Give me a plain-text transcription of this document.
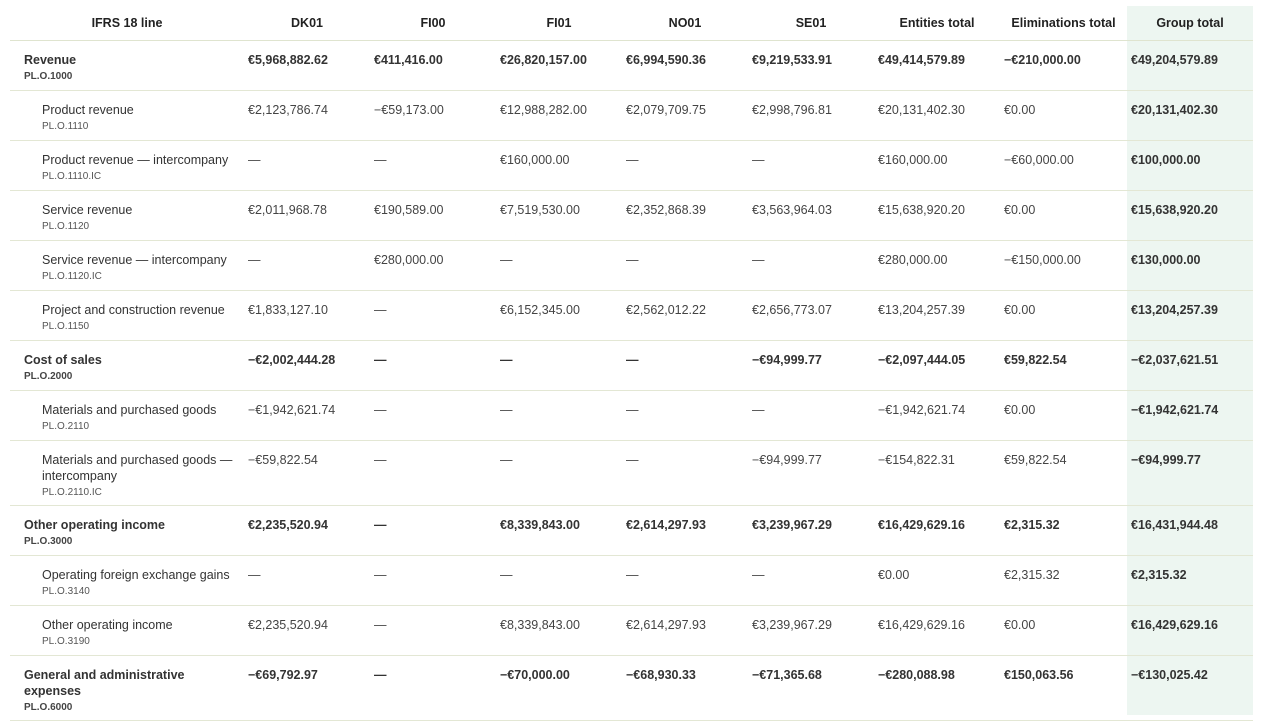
IFRS 18 line	DK01	FI00	FI01	NO01	SE01	Entities total	Eliminations total	Group total

Revenue
PL.O.1000	€5,968,882.62	€411,416.00	€26,820,157.00	€6,994,590.36	€9,219,533.91	€49,414,579.89	−€210,000.00	€49,204,579.89

Product revenue
PL.O.1110	€2,123,786.74	−€59,173.00	€12,988,282.00	€2,079,709.75	€2,998,796.81	€20,131,402.30	€0.00	€20,131,402.30

Product revenue — intercompany
PL.O.1110.IC	—	—	€160,000.00	—	—	€160,000.00	−€60,000.00	€100,000.00

Service revenue
PL.O.1120	€2,011,968.78	€190,589.00	€7,519,530.00	€2,352,868.39	€3,563,964.03	€15,638,920.20	€0.00	€15,638,920.20

Service revenue — intercompany
PL.O.1120.IC	—	€280,000.00	—	—	—	€280,000.00	−€150,000.00	€130,000.00

Project and construction revenue
PL.O.1150	€1,833,127.10	—	€6,152,345.00	€2,562,012.22	€2,656,773.07	€13,204,257.39	€0.00	€13,204,257.39

Cost of sales
PL.O.2000	−€2,002,444.28	—	—	—	−€94,999.77	−€2,097,444.05	€59,822.54	−€2,037,621.51

Materials and purchased goods
PL.O.2110	−€1,942,621.74	—	—	—	—	−€1,942,621.74	€0.00	−€1,942,621.74

Materials and purchased goods — intercompany
PL.O.2110.IC	−€59,822.54	—	—	—	−€94,999.77	−€154,822.31	€59,822.54	−€94,999.77

Other operating income
PL.O.3000	€2,235,520.94	—	€8,339,843.00	€2,614,297.93	€3,239,967.29	€16,429,629.16	€2,315.32	€16,431,944.48

Operating foreign exchange gains
PL.O.3140	—	—	—	—	—	€0.00	€2,315.32	€2,315.32

Other operating income
PL.O.3190	€2,235,520.94	—	€8,339,843.00	€2,614,297.93	€3,239,967.29	€16,429,629.16	€0.00	€16,429,629.16

General and administrative expenses
PL.O.6000	−€69,792.97	—	−€70,000.00	−€68,930.33	−€71,365.68	−€280,088.98	€150,063.56	−€130,025.42
